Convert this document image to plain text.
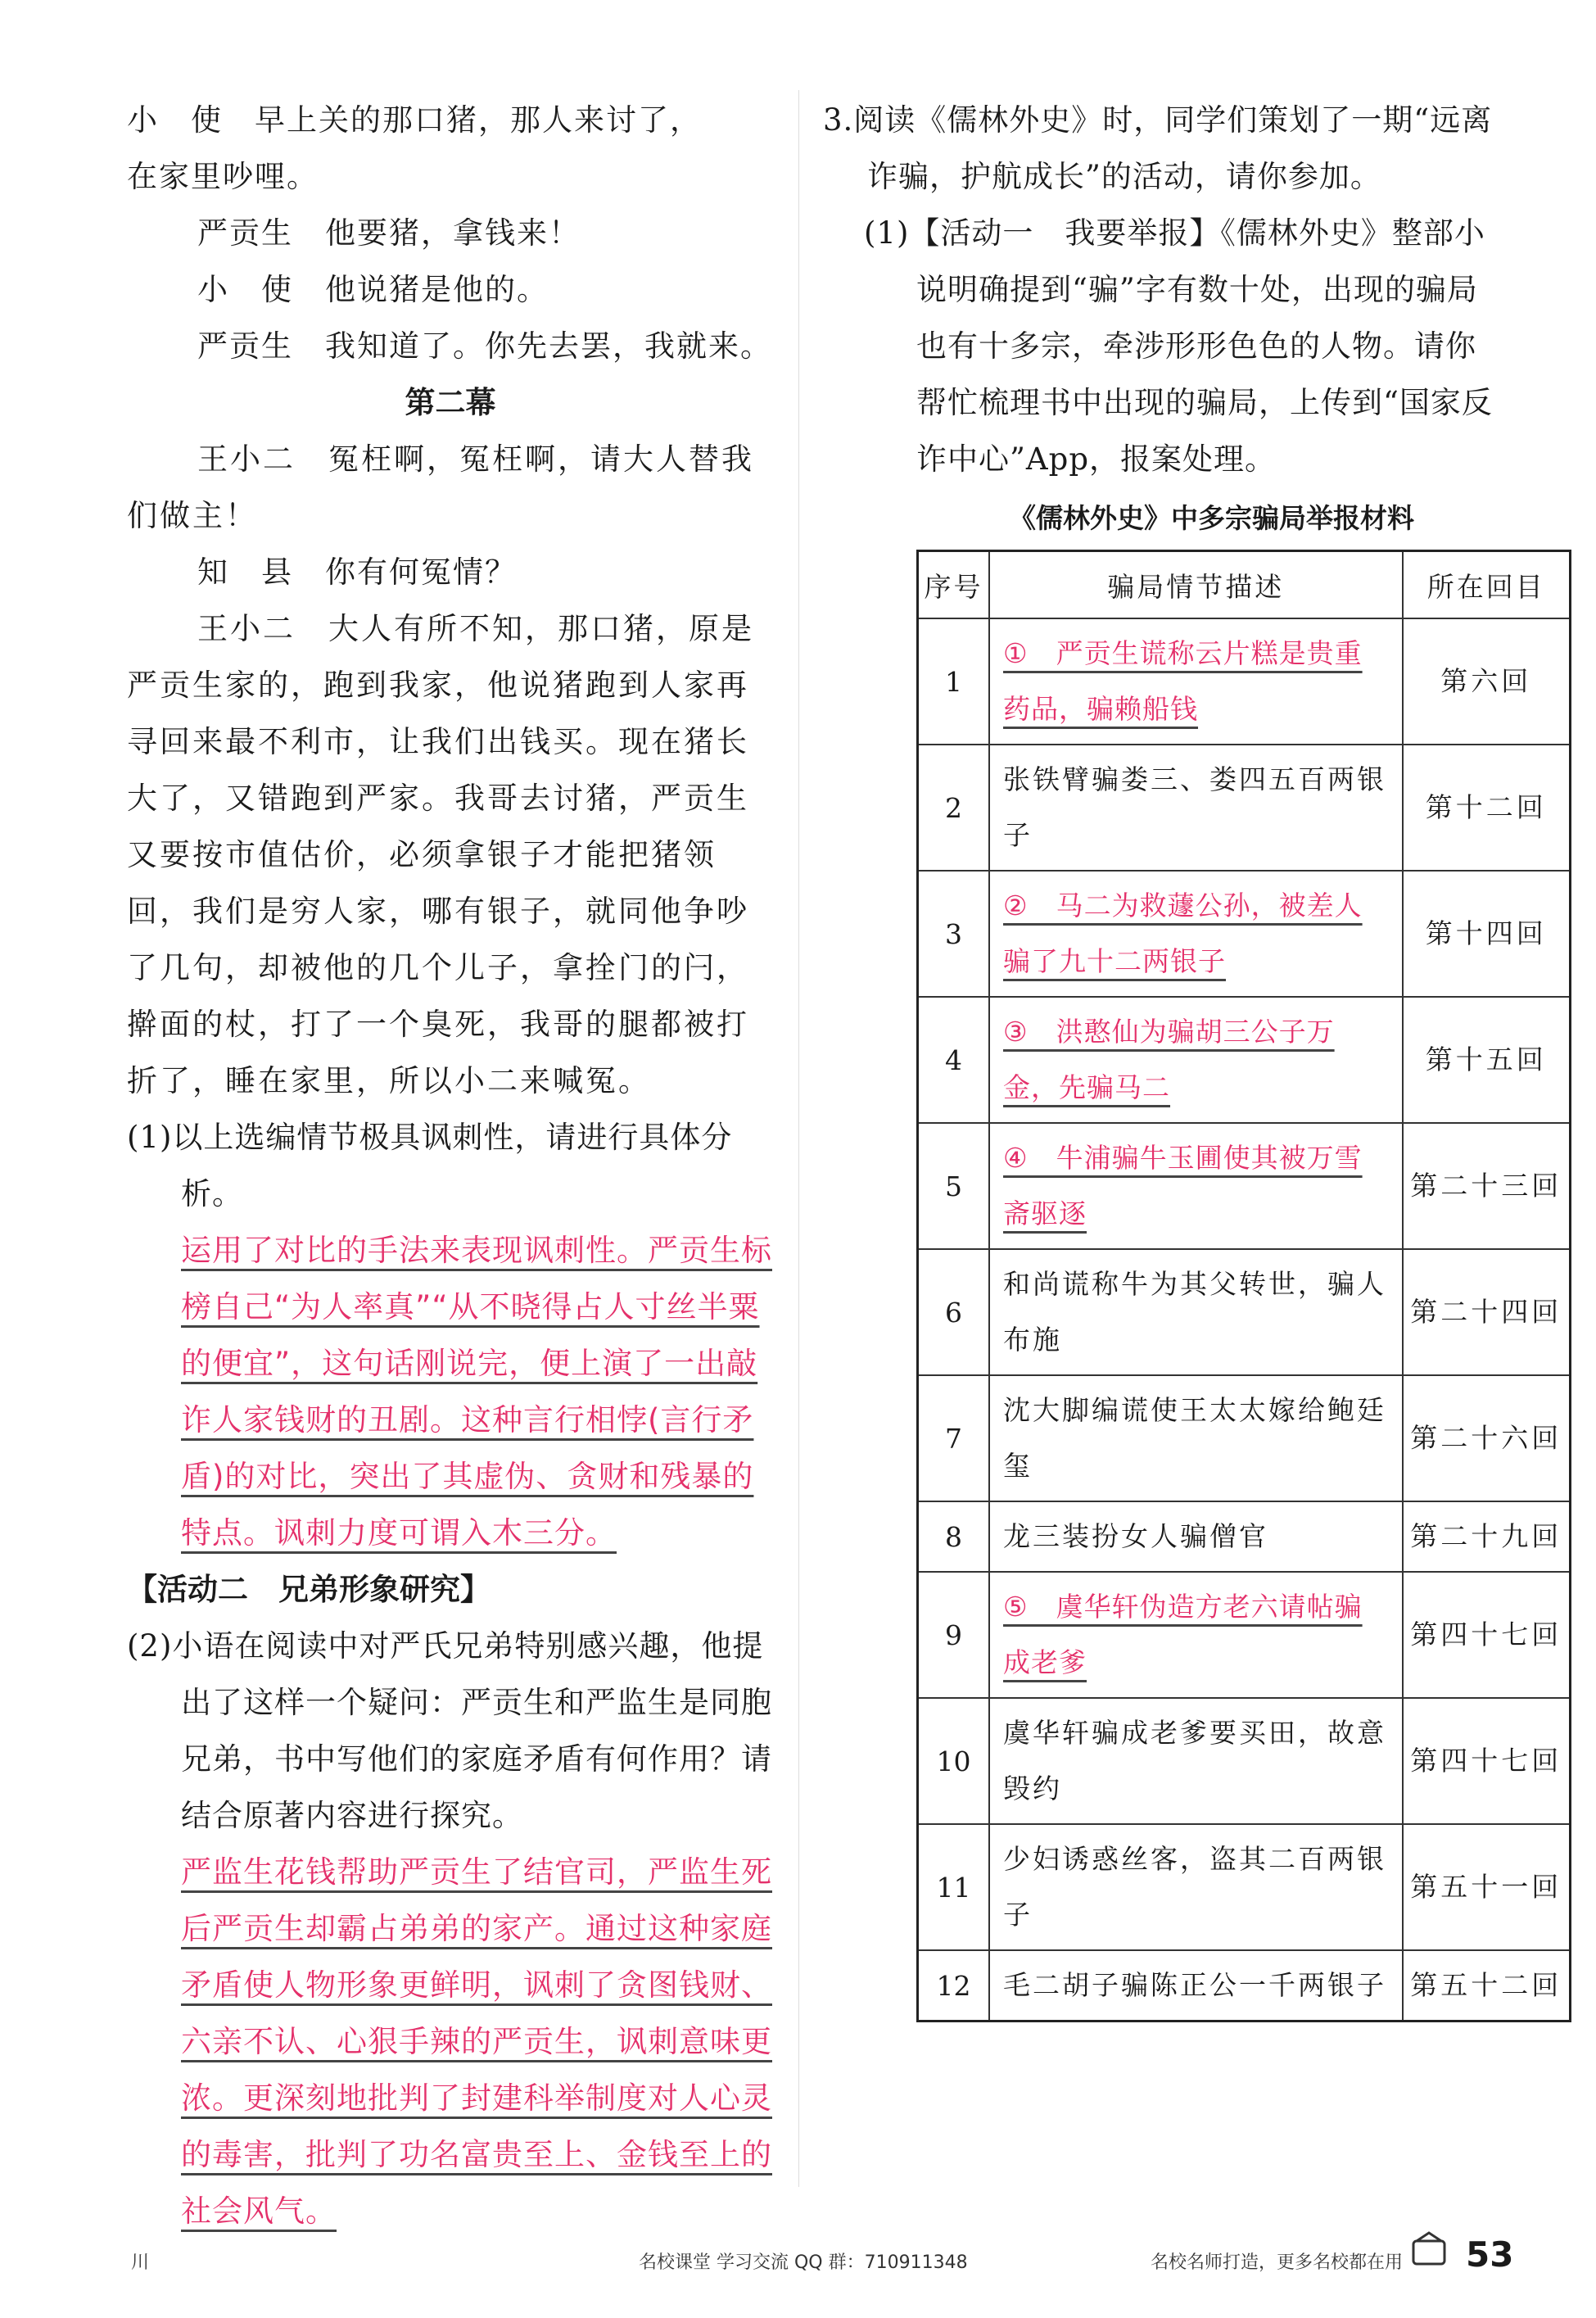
小　使　早上关的那口猪，那人来讨了，

在家里吵哩。

严贡生　他要猪，拿钱来！

小　使　他说猪是他的。

严贡生　我知道了。你先去罢，我就来。

第二幕

王小二　冤枉啊，冤枉啊，请大人替我们做主！

知　县　你有何冤情？

王小二　大人有所不知，那口猪，原是严贡生家的，跑到我家，他说猪跑到人家再寻回来最不利市，让我们出钱买。现在猪长大了，又错跑到严家。我哥去讨猪，严贡生又要按市值估价，必须拿银子才能把猪领回，我们是穷人家，哪有银子，就同他争吵了几句，却被他的几个儿子，拿拴门的闩，擀面的杖，打了一个臭死，我哥的腿都被打折了，睡在家里，所以小二来喊冤。

(1)以上选编情节极具讽刺性，请进行具体分析。

运用了对比的手法来表现讽刺性。严贡生标榜自己“为人率真”“从不晓得占人寸丝半粟的便宜”，这句话刚说完，便上演了一出敲诈人家钱财的丑剧。这种言行相悖(言行矛盾)的对比，突出了其虚伪、贪财和残暴的特点。讽刺力度可谓入木三分。

【活动二　兄弟形象研究】

(2)小语在阅读中对严氏兄弟特别感兴趣，他提出了这样一个疑问：严贡生和严监生是同胞兄弟，书中写他们的家庭矛盾有何作用？请结合原著内容进行探究。

严监生花钱帮助严贡生了结官司，严监生死后严贡生却霸占弟弟的家产。通过这种家庭矛盾使人物形象更鲜明，讽刺了贪图钱财、六亲不认、心狠手辣的严贡生，讽刺意味更浓。更深刻地批判了封建科举制度对人心灵的毒害，批判了功名富贵至上、金钱至上的社会风气。

3.阅读《儒林外史》时，同学们策划了一期“远离诈骗，护航成长”的活动，请你参加。

(1)【活动一　我要举报】《儒林外史》整部小说明确提到“骗”字有数十处，出现的骗局也有十多宗，牵涉形形色色的人物。请你帮忙梳理书中出现的骗局，上传到“国家反诈中心”App，报案处理。

《儒林外史》中多宗骗局举报材料

序号	骗局情节描述	所在回目
1	①　严贡生谎称云片糕是贵重药品，骗赖船钱	第六回
2	张铁臂骗娄三、娄四五百两银子	第十二回
3	②　马二为救蘧公孙，被差人骗了九十二两银子	第十四回
4	③　洪憨仙为骗胡三公子万金，先骗马二	第十五回
5	④　牛浦骗牛玉圃使其被万雪斋驱逐	第二十三回
6	和尚谎称牛为其父转世，骗人布施	第二十四回
7	沈大脚编谎使王太太嫁给鲍廷玺	第二十六回
8	龙三装扮女人骗僧官	第二十九回
9	⑤　虞华轩伪造方老六请帖骗成老爹	第四十七回
10	虞华轩骗成老爹要买田，故意毁约	第四十七回
11	少妇诱惑丝客，盗其二百两银子	第五十一回
12	毛二胡子骗陈正公一千两银子	第五十二回
川	名校课堂 学习交流 QQ 群：710911348	名校名师打造，更多名校都在用 53
